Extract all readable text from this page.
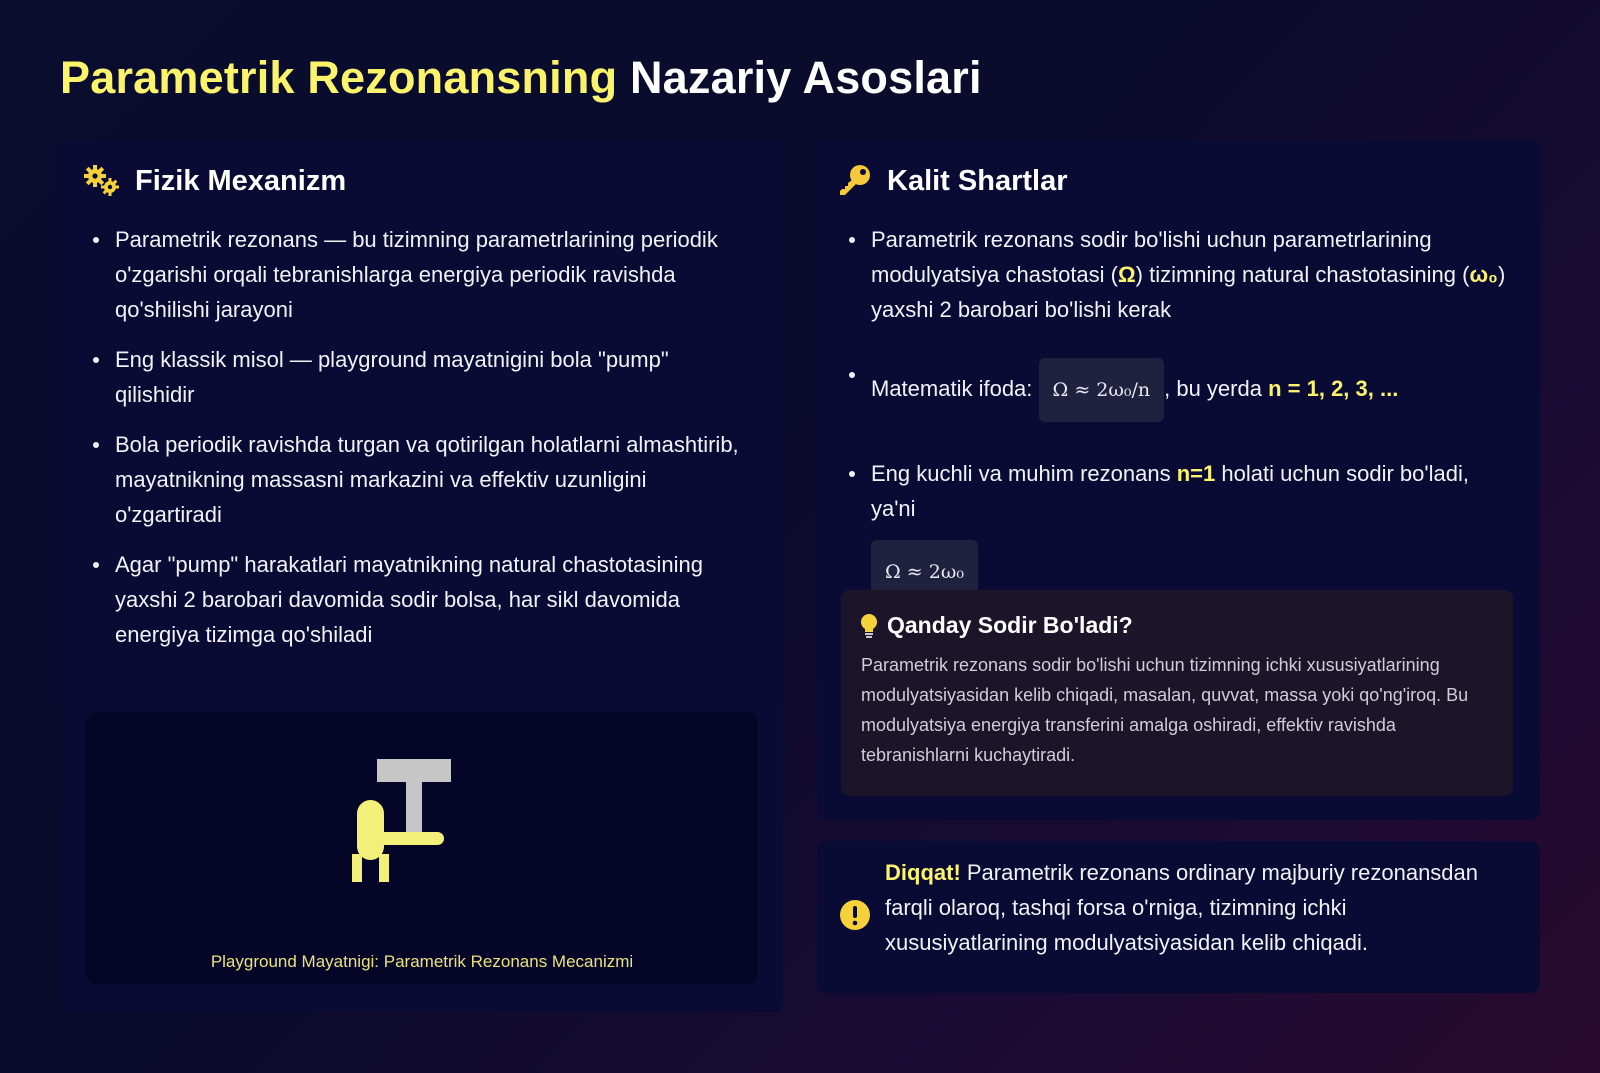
Parametrik Rezonansning Nazariy Asoslari
Fizik Mexanizm
Parametrik rezonans — bu tizimning parametrlarining periodik o'zgarishi orqali tebranishlarga energiya periodik ravishda qo'shilishi jarayoni
Eng klassik misol — playground mayatnigini bola "pump" qilishidir
Bola periodik ravishda turgan va qotirilgan holatlarni almashtirib, mayatnikning massasni markazini va effektiv uzunligini o'zgartiradi
Agar "pump" harakatlari mayatnikning natural chastotasining yaxshi 2 barobari davomida sodir bolsa, har sikl davomida energiya tizimga qo'shiladi
Playground Mayatnigi: Parametrik Rezonans Mecanizmi
Kalit Shartlar
Parametrik rezonans sodir bo'lishi uchun parametrlarining modulyatsiya chastotasi (Ω) tizimning natural chastotasining (ω₀) yaxshi 2 barobari bo'lishi kerak
Matematik ifoda: Ω ≈ 2ω₀/n , bu yerda n = 1, 2, 3, ...
Eng kuchli va muhim rezonans n=1 holati uchun sodir bo'ladi, ya'ni
Ω ≈ 2ω₀
Qanday Sodir Bo'ladi?

Parametrik rezonans sodir bo'lishi uchun tizimning ichki xususiyatlarining modulyatsiyasidan kelib chiqadi, masalan, quvvat, massa yoki qo'ng'iroq. Bu modulyatsiya energiya transferini amalga oshiradi, effektiv ravishda tebranishlarni kuchaytiradi.

Diqqat! Parametrik rezonans ordinary majburiy rezonansdan farqli olaroq, tashqi forsa o'rniga, tizimning ichki xususiyatlarining modulyatsiyasidan kelib chiqadi.
